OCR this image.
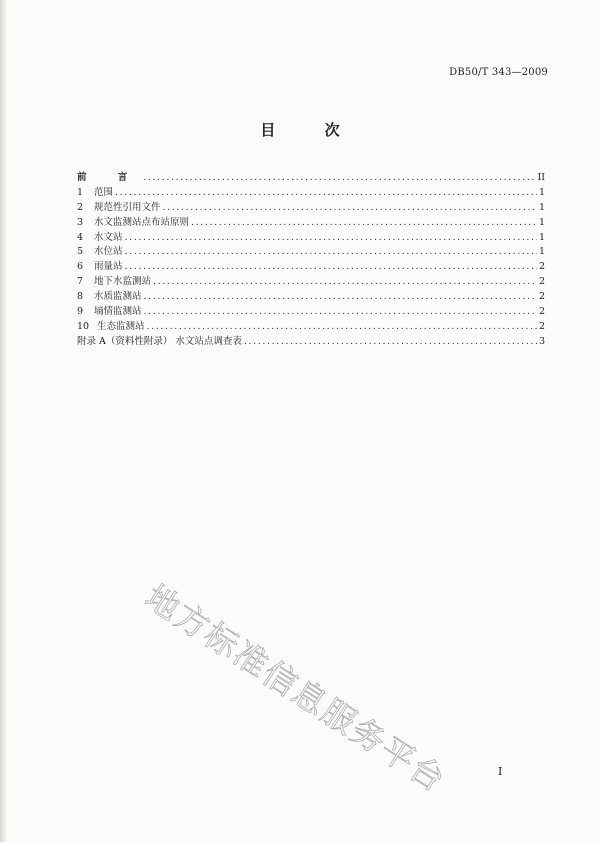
DB50/T 343—2009
目 次
前 言 .....	II
1	范围 .....	1
2	规范性引用文件 .....	1
3	水文监测站点布站原则 .....	1
4	水文站 .....	1
5	水位站 .....	1
6	雨量站 .....	2
7	地下水监测站 .....	2
8	水质监测站 .....	2
9	墒情监测站 .....	2
10 生态监测站 .....	2
附录 A（资料性附录） 水文站点调查表 .....	3
地方标准信息服务平台	I
